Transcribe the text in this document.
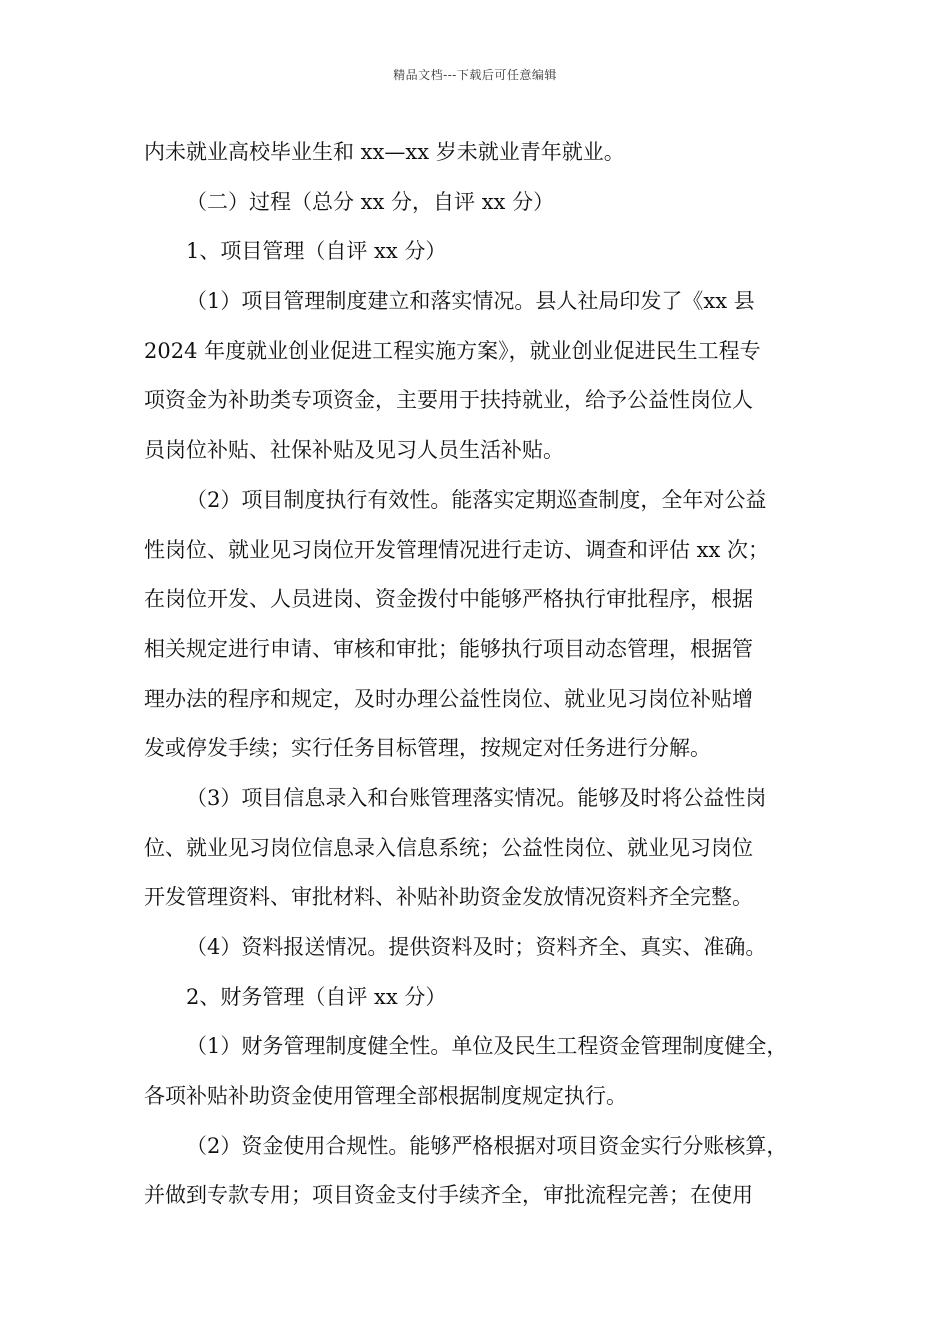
精品文档---下载后可任意编辑
内未就业高校毕业生和 xx—xx 岁未就业青年就业。
（二）过程（总分 xx 分，自评 xx 分）
1、项目管理（自评 xx 分）
（1）项目管理制度建立和落实情况。县人社局印发了《xx 县
2024 年度就业创业促进工程实施方案》，就业创业促进民生工程专
项资金为补助类专项资金，主要用于扶持就业，给予公益性岗位人
员岗位补贴、社保补贴及见习人员生活补贴。
（2）项目制度执行有效性。能落实定期巡查制度，全年对公益
性岗位、就业见习岗位开发管理情况进行走访、调查和评估 xx 次；
在岗位开发、人员进岗、资金拨付中能够严格执行审批程序，根据
相关规定进行申请、审核和审批；能够执行项目动态管理，根据管
理办法的程序和规定，及时办理公益性岗位、就业见习岗位补贴增
发或停发手续；实行任务目标管理，按规定对任务进行分解。
（3）项目信息录入和台账管理落实情况。能够及时将公益性岗
位、就业见习岗位信息录入信息系统；公益性岗位、就业见习岗位
开发管理资料、审批材料、补贴补助资金发放情况资料齐全完整。
（4）资料报送情况。提供资料及时；资料齐全、真实、准确。
2、财务管理（自评 xx 分）
（1）财务管理制度健全性。单位及民生工程资金管理制度健全，
各项补贴补助资金使用管理全部根据制度规定执行。
（2）资金使用合规性。能够严格根据对项目资金实行分账核算，
并做到专款专用；项目资金支付手续齐全，审批流程完善；在使用
